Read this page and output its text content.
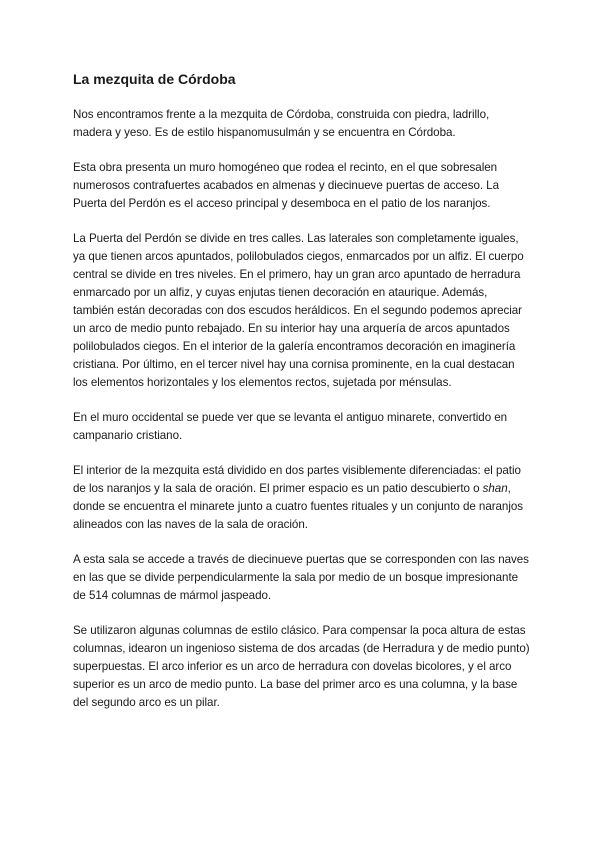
La mezquita de Córdoba

Nos encontramos frente a la mezquita de Córdoba, construida con piedra, ladrillo, madera y yeso. Es de estilo hispanomusulmán y se encuentra en Córdoba.

Esta obra presenta un muro homogéneo que rodea el recinto, en el que sobresalen numerosos contrafuertes acabados en almenas y diecinueve puertas de acceso. La Puerta del Perdón es el acceso principal y desemboca en el patio de los naranjos.

La Puerta del Perdón se divide en tres calles. Las laterales son completamente iguales, ya que tienen arcos apuntados, polilobulados ciegos, enmarcados por un alfiz. El cuerpo central se divide en tres niveles. En el primero, hay un gran arco apuntado de herradura enmarcado por un alfiz, y cuyas enjutas tienen decoración en ataurique. Además, también están decoradas con dos escudos heráldicos. En el segundo podemos apreciar un arco de medio punto rebajado. En su interior hay una arquería de arcos apuntados polilobulados ciegos. En el interior de la galería encontramos decoración en imaginería cristiana. Por último, en el tercer nivel hay una cornisa prominente, en la cual destacan los elementos horizontales y los elementos rectos, sujetada por ménsulas.

En el muro occidental se puede ver que se levanta el antiguo minarete, convertido en campanario cristiano.

El interior de la mezquita está dividido en dos partes visiblemente diferenciadas: el patio de los naranjos y la sala de oración. El primer espacio es un patio descubierto o shan, donde se encuentra el minarete junto a cuatro fuentes rituales y un conjunto de naranjos alineados con las naves de la sala de oración.

A esta sala se accede a través de diecinueve puertas que se corresponden con las naves en las que se divide perpendicularmente la sala por medio de un bosque impresionante de 514 columnas de mármol jaspeado.

Se utilizaron algunas columnas de estilo clásico. Para compensar la poca altura de estas columnas, idearon un ingenioso sistema de dos arcadas (de Herradura y de medio punto) superpuestas. El arco inferior es un arco de herradura con dovelas bicolores, y el arco superior es un arco de medio punto. La base del primer arco es una columna, y la base del segundo arco es un pilar.
